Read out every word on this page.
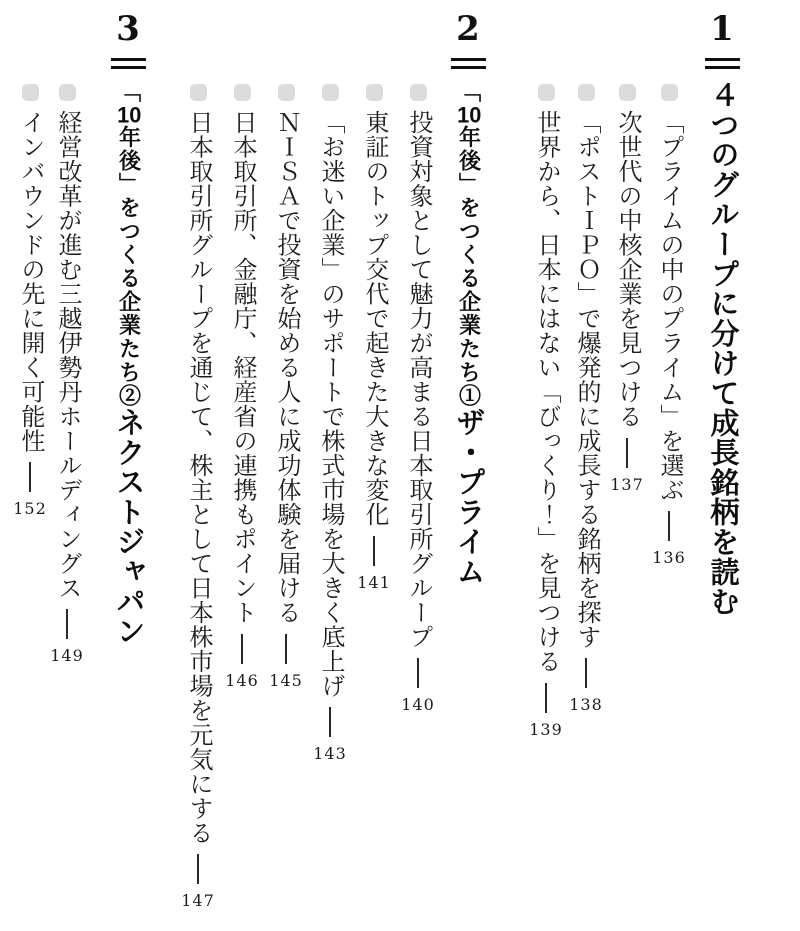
1
４つのグループに分けて成長銘柄を読む
「プライムの中のプライム」を選ぶ
136
次世代の中核企業を見つける
137
「ポストＩＰＯ」で爆発的に成長する銘柄を探す
138
世界から、日本にはない「びっくり！」を見つける
139
2
「10年後」をつくる企業たち①ザ・プライム
投資対象として魅力が高まる日本取引所グループ
140
東証のトップ交代で起きた大きな変化
141
「お迷い企業」のサポートで株式市場を大きく底上げ
143
ＮＩＳＡで投資を始める人に成功体験を届ける
145
日本取引所、金融庁、経産省の連携もポイント
146
日本取引所グループを通じて、株主として日本株市場を元気にする
147
3
「10年後」をつくる企業たち②ネクストジャパン
経営改革が進む三越伊勢丹ホールディングス
149
インバウンドの先に開く可能性
152
